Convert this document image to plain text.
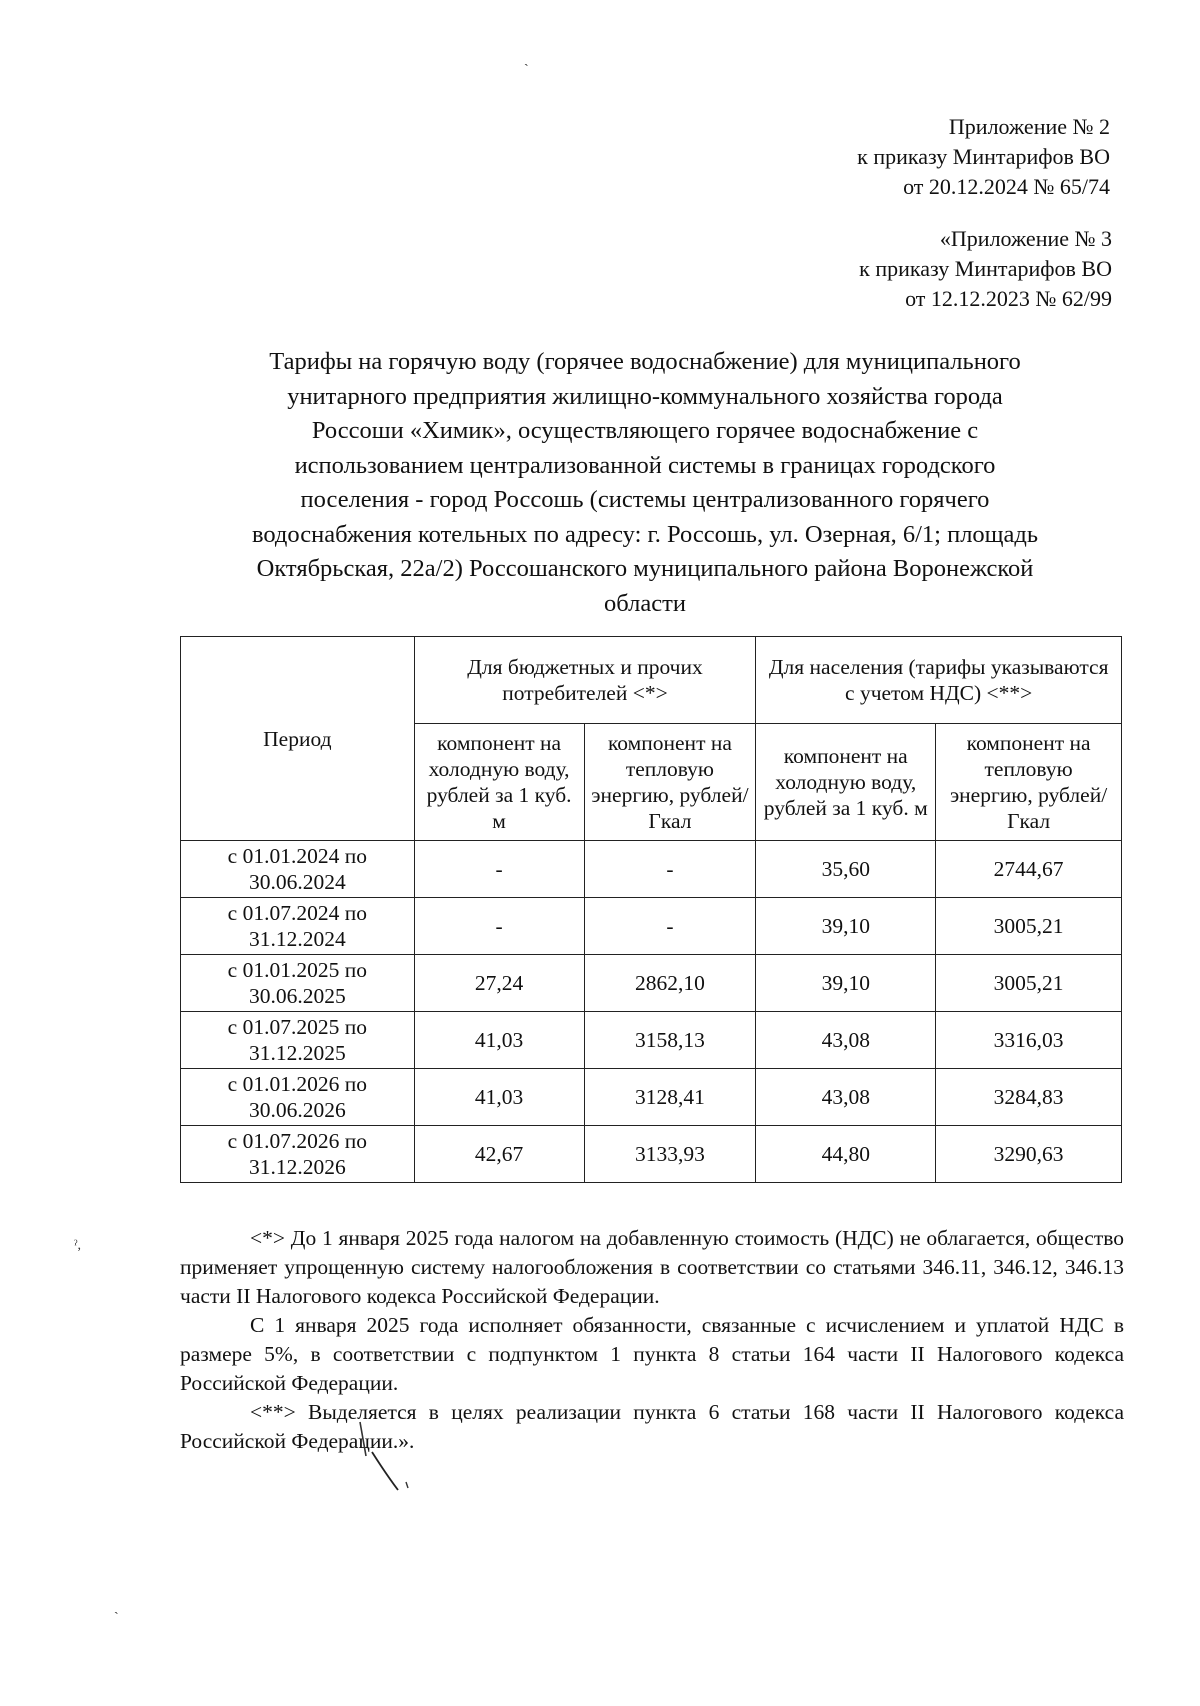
ˎ
Приложение № 2
к приказу Минтарифов ВО
от 20.12.2024 № 65/74
«Приложение № 3
к приказу Минтарифов ВО
от 12.12.2023 № 62/99
Тарифы на горячую воду (горячее водоснабжение) для муниципального
унитарного предприятия жилищно-коммунального хозяйства города
Россоши «Химик», осуществляющего горячее водоснабжение с
использованием централизованной системы в границах городского
поселения - город Россошь (системы централизованного горячего
водоснабжения котельных по адресу: г. Россошь, ул. Озерная, 6/1; площадь
Октябрьская, 22а/2) Россошанского муниципального района Воронежской
области
Период	Для бюджетных и прочих потребителей <*>		Для населения (тарифы указываются с учетом НДС) <**>	
	компонент на холодную воду, рублей за 1 куб. м	компонент на тепловую энергию, рублей/Гкал	компонент на холодную воду, рублей за 1 куб. м	компонент на тепловую энергию, рублей/Гкал
с 01.01.2024 по 30.06.2024	-	-	35,60	2744,67
с 01.07.2024 по 31.12.2024	-	-	39,10	3005,21
с 01.01.2025 по 30.06.2025	27,24	2862,10	39,10	3005,21
с 01.07.2025 по 31.12.2025	41,03	3158,13	43,08	3316,03
с 01.01.2026 по 30.06.2026	41,03	3128,41	43,08	3284,83
с 01.07.2026 по 31.12.2026	42,67	3133,93	44,80	3290,63
ˀ,	<*> До 1 января 2025 года налогом на добавленную стоимость (НДС) не облагается, общество применяет упрощенную систему налогообложения в соответствии со статьями 346.11, 346.12, 346.13 части II Налогового кодекса Российской Федерации.

С 1 января 2025 года исполняет обязанности, связанные с исчислением и уплатой НДС в размере 5%, в соответствии с подпунктом 1 пункта 8 статьи 164 части II Налогового кодекса Российской Федерации.

<**> Выделяется в целях реализации пункта 6 статьи 168 части II Налогового кодекса Российской Федерации.».

ˎ
